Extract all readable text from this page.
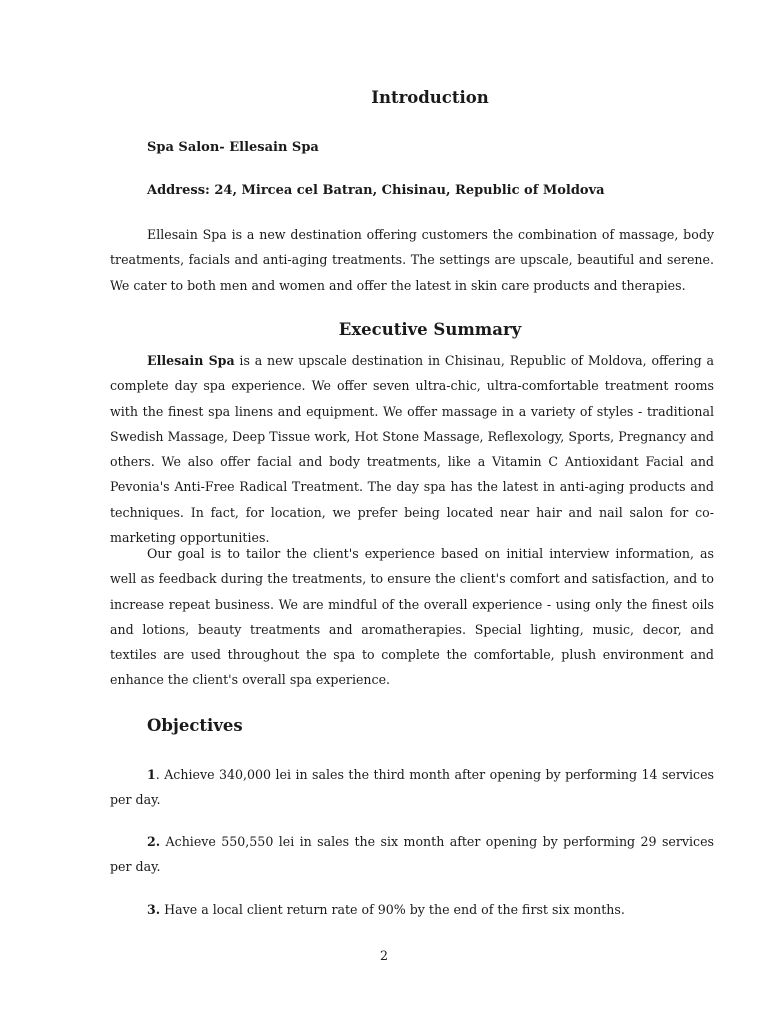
Introduction

Spa Salon- Ellesain Spa

Address: 24, Mircea cel Batran, Chisinau, Republic of Moldova

Ellesain Spa is a new destination offering customers the combination of massage, body treatments, facials and anti-aging treatments. The settings are upscale, beautiful and serene. We cater to both men and women and offer the latest in skin care products and therapies.

Executive Summary

Ellesain Spa is a new upscale destination in Chisinau, Republic of Moldova, offering a complete day spa experience. We offer seven ultra-chic, ultra-comfortable treatment rooms with the finest spa linens and equipment. We offer massage in a variety of styles - traditional Swedish Massage, Deep Tissue work, Hot Stone Massage, Reflexology, Sports, Pregnancy and others. We also offer facial and body treatments, like a Vitamin C Antioxidant Facial and Pevonia's Anti-Free Radical Treatment. The day spa has the latest in anti-aging products and techniques. In fact, for location, we prefer being located near hair and nail salon for co-marketing opportunities.

Our goal is to tailor the client's experience based on initial interview information, as well as feedback during the treatments, to ensure the client's comfort and satisfaction, and to increase repeat business. We are mindful of the overall experience - using only the finest oils and lotions, beauty treatments and aromatherapies. Special lighting, music, decor, and textiles are used throughout the spa to complete the comfortable, plush environment and enhance the client's overall spa experience.

Objectives

1. Achieve 340,000 lei in sales the third month after opening by performing 14 services per day.

2. Achieve 550,550 lei in sales the six month after opening by performing 29 services per day.

3. Have a local client return rate of 90% by the end of the first six months.

2
